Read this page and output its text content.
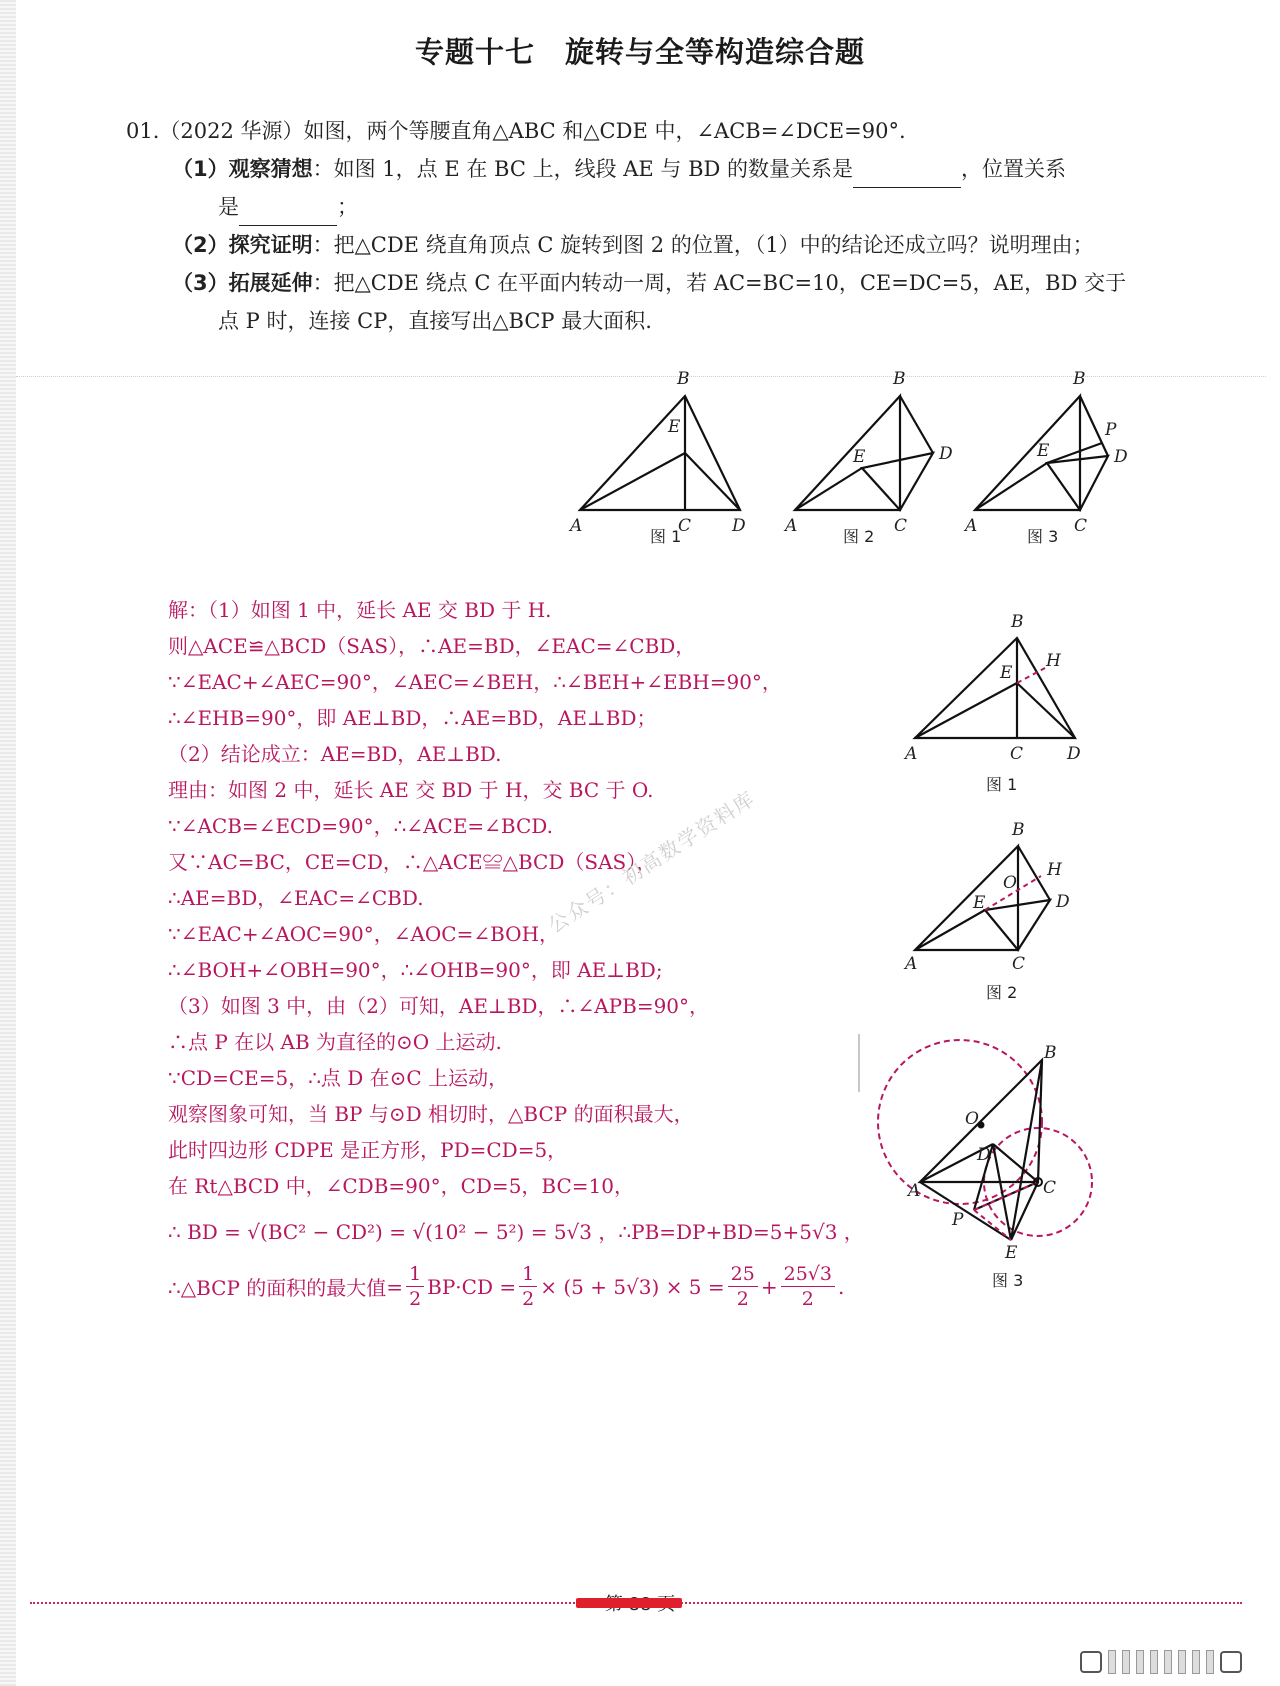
专题十七　旋转与全等构造综合题
01.（2022 华源）如图，两个等腰直角△ABC 和△CDE 中，∠ACB=∠DCE=90°.
（1）观察猜想：如图 1，点 E 在 BC 上，线段 AE 与 BD 的数量关系是	，位置关系
是	；
（2）探究证明：把△CDE 绕直角顶点 C 旋转到图 2 的位置，（1）中的结论还成立吗？说明理由；
（3）拓展延伸：把△CDE 绕点 C 在平面内转动一周，若 AC=BC=10，CE=DC=5，AE，BD 交于
点 P 时，连接 CP，直接写出△BCP 最大面积.
B
E
A	C D
图 1
B
E	D
A	C
图 2
B
P
E	D
A	C
图 3
解：（1）如图 1 中，延长 AE 交 BD 于 H.
则△ACE≌△BCD（SAS），∴AE=BD，∠EAC=∠CBD，
∵∠EAC+∠AEC=90°，∠AEC=∠BEH，∴∠BEH+∠EBH=90°，
∴∠EHB=90°，即 AE⊥BD，∴AE=BD，AE⊥BD；
（2）结论成立：AE=BD，AE⊥BD.
理由：如图 2 中，延长 AE 交 BD 于 H，交 BC 于 O.
∵∠ACB=∠ECD=90°，∴∠ACE=∠BCD.
又∵AC=BC，CE=CD，∴△ACE≌△BCD（SAS），
∴AE=BD，∠EAC=∠CBD.
∵∠EAC+∠AOC=90°，∠AOC=∠BOH，
∴∠BOH+∠OBH=90°，∴∠OHB=90°，即 AE⊥BD;
（3）如图 3 中，由（2）可知，AE⊥BD，∴∠APB=90°，
∴点 P 在以 AB 为直径的⊙O 上运动.
∵CD=CE=5，∴点 D 在⊙C 上运动，
观察图象可知，当 BP 与⊙D 相切时，△BCP 的面积最大，
此时四边形 CDPE 是正方形，PD=CD=5，
在 Rt△BCD 中，∠CDB=90°，CD=5，BC=10，
∴ BD = √(BC² − CD²) = √(10² − 5²) = 5√3 ，∴PB=DP+BD=5+5√3 ，
∴△BCP 的面积的最大值 = $\frac{1}{2} BP\cdot CD = \frac{1}{2} \times (5 + 5√3) \times 5 = \frac{25}{2} + \frac{25√3}{2}$ .
公众号：初高数学资料库
B
H
E
A	C	D
图 1
B
H
O
E	D
A	C
图 2
B
O
D
A	C
P
E
图 3
